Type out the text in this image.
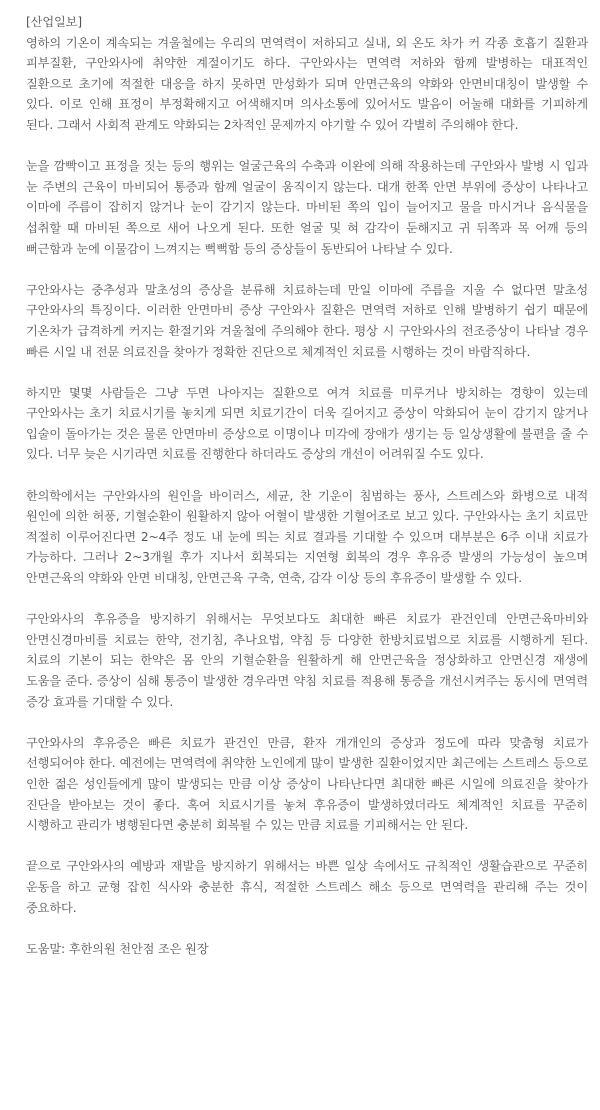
[산업일보]

영하의 기온이 계속되는 겨울철에는 우리의 면역력이 저하되고 실내, 외 온도 차가 커 각종 호흡기 질환과 피부질환, 구안와사에 취약한 계절이기도 하다. 구안와사는 면역력 저하와 함께 발병하는 대표적인 질환으로 초기에 적절한 대응을 하지 못하면 만성화가 되며 안면근육의 약화와 안면비대칭이 발생할 수 있다. 이로 인해 표정이 부정확해지고 어색해지며 의사소통에 있어서도 발음이 어눌해 대화를 기피하게 된다. 그래서 사회적 관계도 약화되는 2차적인 문제까지 야기할 수 있어 각별히 주의해야 한다.

눈을 깜빡이고 표정을 짓는 등의 행위는 얼굴근육의 수축과 이완에 의해 작용하는데 구안와사 발병 시 입과 눈 주변의 근육이 마비되어 통증과 함께 얼굴이 움직이지 않는다. 대개 한쪽 안면 부위에 증상이 나타나고 이마에 주름이 잡히지 않거나 눈이 감기지 않는다. 마비된 쪽의 입이 늘어지고 물을 마시거나 음식물을 섭취할 때 마비된 쪽으로 새어 나오게 된다. 또한 얼굴 및 혀 감각이 둔해지고 귀 뒤쪽과 목 어깨 등의 뻐근함과 눈에 이물감이 느껴지는 뻑뻑함 등의 증상들이 동반되어 나타날 수 있다.

구안와사는 중추성과 말초성의 증상을 분류해 치료하는데 만일 이마에 주름을 지울 수 없다면 말초성 구안와사의 특징이다. 이러한 안면마비 증상 구안와사 질환은 면역력 저하로 인해 발병하기 쉽기 때문에 기온차가 급격하게 커지는 환절기와 겨울철에 주의해야 한다. 평상 시 구안와사의 전조증상이 나타날 경우 빠른 시일 내 전문 의료진을 찾아가 정확한 진단으로 체계적인 치료를 시행하는 것이 바람직하다.

하지만 몇몇 사람들은 그냥 두면 나아지는 질환으로 여겨 치료를 미루거나 방치하는 경향이 있는데 구안와사는 초기 치료시기를 놓치게 되면 치료기간이 더욱 길어지고 증상이 악화되어 눈이 감기지 않거나 입술이 돌아가는 것은 물론 안면마비 증상으로 이명이나 미각에 장애가 생기는 등 일상생활에 불편을 줄 수 있다. 너무 늦은 시기라면 치료를 진행한다 하더라도 증상의 개선이 어려워질 수도 있다.

한의학에서는 구안와사의 원인을 바이러스, 세균, 찬 기운이 침범하는 풍사, 스트레스와 화병으로 내적 원인에 의한 허풍, 기혈순환이 원활하지 않아 어혈이 발생한 기혈어조로 보고 있다. 구안와사는 초기 치료만 적절히 이루어진다면 2~4주 정도 내 눈에 띄는 치료 결과를 기대할 수 있으며 대부분은 6주 이내 치료가 가능하다. 그러나 2~3개월 후가 지나서 회복되는 지연형 회복의 경우 후유증 발생의 가능성이 높으며 안면근육의 약화와 안면 비대칭, 안면근육 구축, 연축, 감각 이상 등의 후유증이 발생할 수 있다.

구안와사의 후유증을 방지하기 위해서는 무엇보다도 최대한 빠른 치료가 관건인데 안면근육마비와 안면신경마비를 치료는 한약, 전기침, 추나요법, 약침 등 다양한 한방치료법으로 치료를 시행하게 된다. 치료의 기본이 되는 한약은 몸 안의 기혈순환을 원활하게 해 안면근육을 정상화하고 안면신경 재생에 도움을 준다. 증상이 심해 통증이 발생한 경우라면 약침 치료를 적용해 통증을 개선시켜주는 동시에 면역력 증강 효과를 기대할 수 있다.

구안와사의 후유증은 빠른 치료가 관건인 만큼, 환자 개개인의 증상과 정도에 따라 맞춤형 치료가 선행되어야 한다. 예전에는 면역력에 취약한 노인에게 많이 발생한 질환이었지만 최근에는 스트레스 등으로 인한 젊은 성인들에게 많이 발생되는 만큼 이상 증상이 나타난다면 최대한 빠른 시일에 의료진을 찾아가 진단을 받아보는 것이 좋다. 혹여 치료시기를 놓쳐 후유증이 발생하였더라도 체계적인 치료를 꾸준히 시행하고 관리가 병행된다면 충분히 회복될 수 있는 만큼 치료를 기피해서는 안 된다.

끝으로 구안와사의 예방과 재발을 방지하기 위해서는 바쁜 일상 속에서도 규칙적인 생활습관으로 꾸준히 운동을 하고 균형 잡힌 식사와 충분한 휴식, 적절한 스트레스 해소 등으로 면역력을 관리해 주는 것이 중요하다.

도움말: 후한의원 천안점 조은 원장
